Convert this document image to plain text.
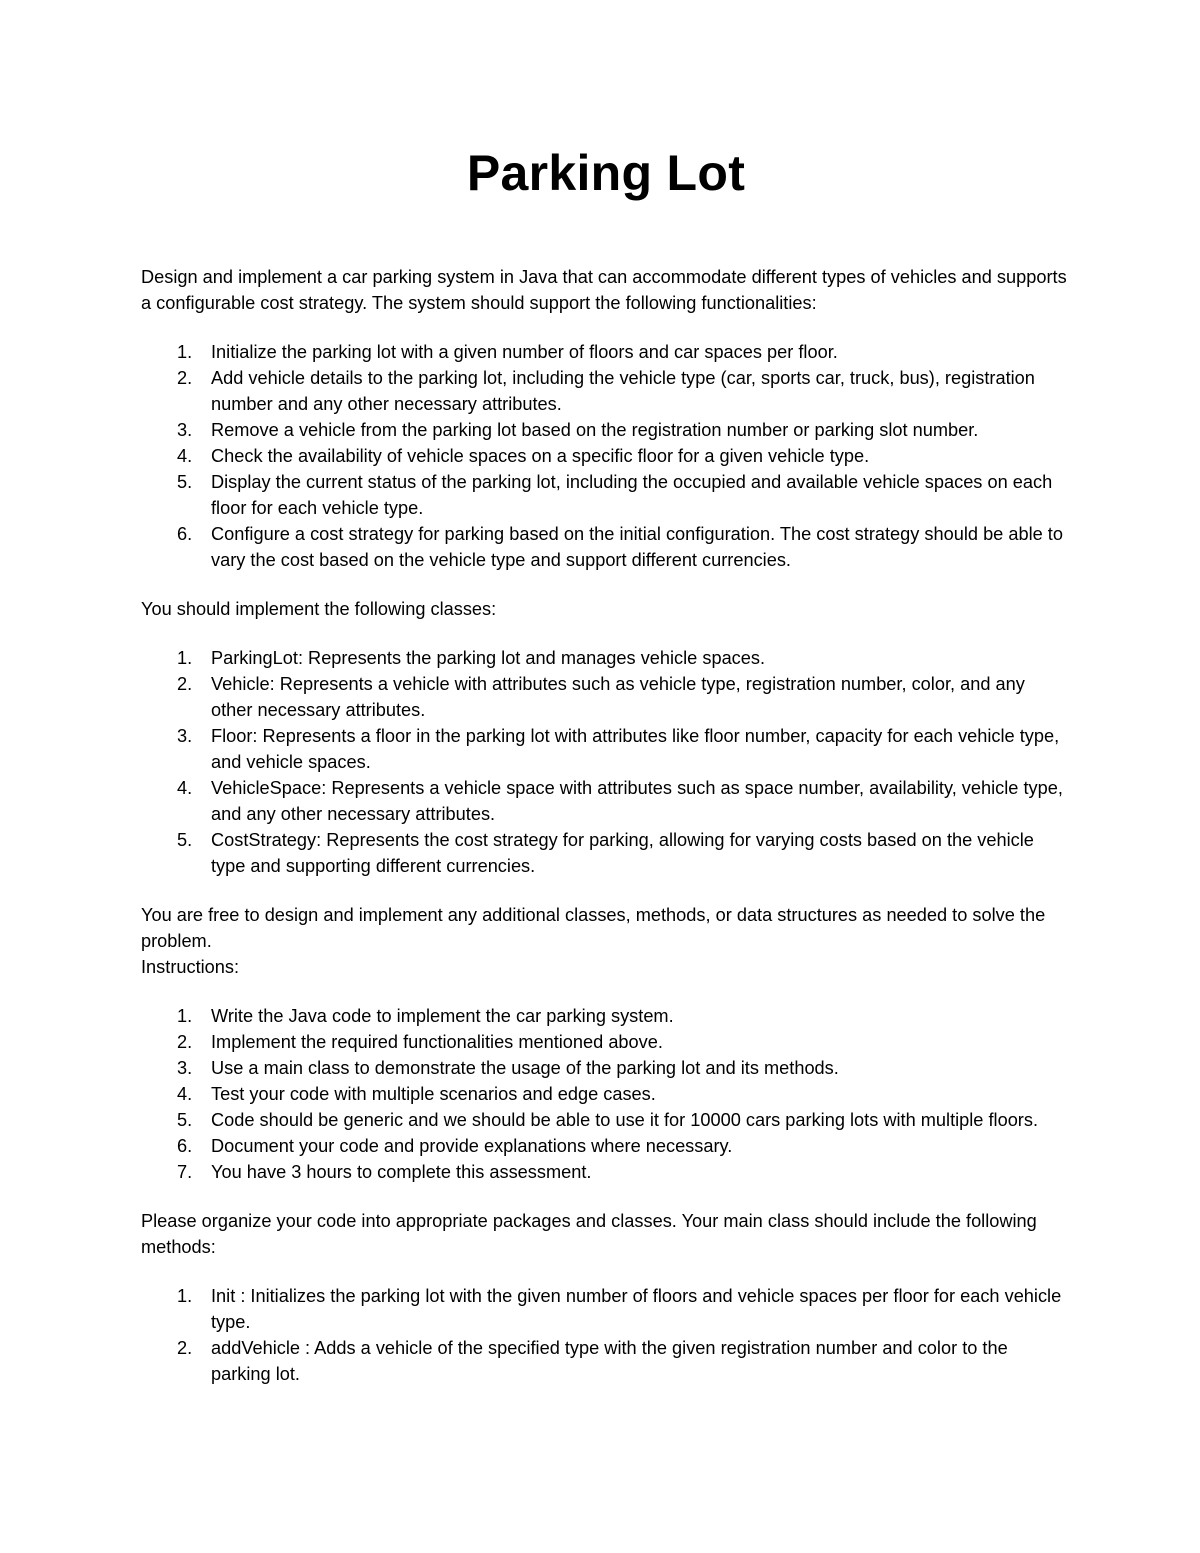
Parking Lot

Design and implement a car parking system in Java that can accommodate different types of vehicles and supports a configurable cost strategy. The system should support the following functionalities:

1.	Initialize the parking lot with a given number of floors and car spaces per floor.
2.	Add vehicle details to the parking lot, including the vehicle type (car, sports car, truck, bus), registration number and any other necessary attributes.
3.	Remove a vehicle from the parking lot based on the registration number or parking slot number.
4.	Check the availability of vehicle spaces on a specific floor for a given vehicle type.
5.	Display the current status of the parking lot, including the occupied and available vehicle spaces on each floor for each vehicle type.
6.	Configure a cost strategy for parking based on the initial configuration. The cost strategy should be able to vary the cost based on the vehicle type and support different currencies.

You should implement the following classes:

1.	ParkingLot: Represents the parking lot and manages vehicle spaces.
2.	Vehicle: Represents a vehicle with attributes such as vehicle type, registration number, color, and any other necessary attributes.
3.	Floor: Represents a floor in the parking lot with attributes like floor number, capacity for each vehicle type, and vehicle spaces.
4.	VehicleSpace: Represents a vehicle space with attributes such as space number, availability, vehicle type, and any other necessary attributes.
5.	CostStrategy: Represents the cost strategy for parking, allowing for varying costs based on the vehicle type and supporting different currencies.

You are free to design and implement any additional classes, methods, or data structures as needed to solve the problem.

Instructions:

1.	Write the Java code to implement the car parking system.
2.	Implement the required functionalities mentioned above.
3.	Use a main class to demonstrate the usage of the parking lot and its methods.
4.	Test your code with multiple scenarios and edge cases.
5.	Code should be generic and we should be able to use it for 10000 cars parking lots with multiple floors.
6.	Document your code and provide explanations where necessary.
7.	You have 3 hours to complete this assessment.

Please organize your code into appropriate packages and classes. Your main class should include the following methods:

1.	Init : Initializes the parking lot with the given number of floors and vehicle spaces per floor for each vehicle type.
2.	addVehicle : Adds a vehicle of the specified type with the given registration number and color to the parking lot.
